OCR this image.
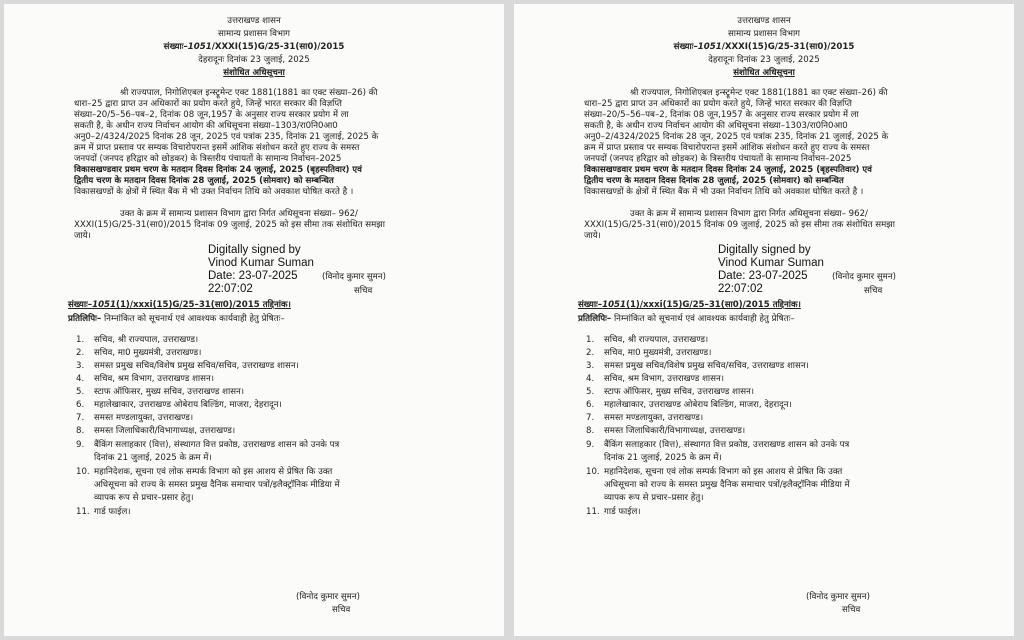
उत्तराखण्ड शासन
सामान्य प्रशासन विभाग
संख्याः–1051/XXXI(15)G/25-31(सा0)/2015
देहरादूनः दिनांक 23 जुलाई, 2025
संशोधित अधिसूचना
श्री राज्यपाल, निगोशिएबल इन्स्ट्रूमेन्ट एक्ट 1881(1881 का एक्ट संख्या–26) की
धारा–25 द्वारा प्राप्त उन अधिकारों का प्रयोग करते हुये, जिन्हें भारत सरकार की विज्ञप्ति
संख्या–20/5–56–पब–2, दिनांक 08 जून,1957 के अनुसार राज्य सरकार प्रयोग में ला
सकती है, के अधीन राज्य निर्वाचन आयोग की अधिसूचना संख्या–1303/रा0नि0आ0
अनु0–2/4324/2025 दिनांक 28 जून, 2025 एवं पत्रांक 235, दिनांक 21 जुलाई, 2025 के
क्रम में प्राप्त प्रस्ताव पर सम्यक विचारोपरान्त इसमें आंशिक संशोधन करते हुए राज्य के समस्त
जनपदों (जनपद हरिद्वार को छोड़कर) के त्रिस्तरीय पंचायतों के सामान्य निर्वाचन–2025
विकासखण्डवार प्रथम चरण के मतदान दिवस दिनांक 24 जुलाई, 2025 (बृहस्पतिवार) एवं
द्वितीय चरण के मतदान दिवस दिनांक 28 जुलाई, 2025 (सोमवार) को सम्बन्धित
विकासखण्डों के क्षेत्रों में स्थित बैंक में भी उक्त निर्वाचन तिथि को अवकाश घोषित करते है ।
उक्त के क्रम में सामान्य प्रशासन विभाग द्वारा निर्गत अधिसूचना संख्या– 962/
XXXI(15)G/25-31(सा0)/2015 दिनांक 09 जुलाई, 2025 को इस सीमा तक संशोधित समझा
जाये।
Digitally signed by
Vinod Kumar Suman
Date: 23-07-2025
22:07:02
(विनोद कुमार सुमन)
सचिव
संख्याः–1051(1)/xxxi(15)G/25–31(सा0)/2015 तद्दिनांक।
प्रतिलिपिः– निम्नांकित को सूचनार्थ एवं आवश्यक कार्यवाही हेतु प्रेषितः–
1. सचिव, श्री राज्यपाल, उत्तराखण्ड।
2. सचिव, मा0 मुख्यमंत्री, उत्तराखण्ड।
3. समस्त प्रमुख सचिव/विशेष प्रमुख सचिव/सचिव, उत्तराखण्ड शासन।
4. सचिव, श्रम विभाग, उत्तराखण्ड शासन।
5. स्टाफ ऑफिसर, मुख्य सचिव, उत्तराखण्ड शासन।
6. महालेखाकार, उत्तराखण्ड ओबेराय बिल्डिंग, माजरा, देहरादून।
7. समस्त मण्डलायुक्त, उत्तराखण्ड।
8. समस्त जिलाधिकारी/विभागाध्यक्ष, उत्तराखण्ड।
9. बैंकिंग सलाहकार (वित्त), संस्थागत वित्त प्रकोष्ठ, उत्तराखण्ड शासन को उनके पत्र
दिनांक 21 जुलाई, 2025 के क्रम में।
10. महानिदेशक, सूचना एवं लोक सम्पर्क विभाग को इस आशय से प्रेषित कि उक्त
अधिसूचना को राज्य के समस्त प्रमुख दैनिक समाचार पत्रों/इलैक्ट्रॉनिक मीडिया में
व्यापक रूप से प्रचार–प्रसार हेतु।
11. गार्ड फाईल।
(विनोद कुमार सुमन)
सचिव
उत्तराखण्ड शासन
सामान्य प्रशासन विभाग
संख्याः–1051/XXXI(15)G/25-31(सा0)/2015
देहरादूनः दिनांक 23 जुलाई, 2025
संशोधित अधिसूचना
श्री राज्यपाल, निगोशिएबल इन्स्ट्रूमेन्ट एक्ट 1881(1881 का एक्ट संख्या–26) की
धारा–25 द्वारा प्राप्त उन अधिकारों का प्रयोग करते हुये, जिन्हें भारत सरकार की विज्ञप्ति
संख्या–20/5–56–पब–2, दिनांक 08 जून,1957 के अनुसार राज्य सरकार प्रयोग में ला
सकती है, के अधीन राज्य निर्वाचन आयोग की अधिसूचना संख्या–1303/रा0नि0आ0
अनु0–2/4324/2025 दिनांक 28 जून, 2025 एवं पत्रांक 235, दिनांक 21 जुलाई, 2025 के
क्रम में प्राप्त प्रस्ताव पर सम्यक विचारोपरान्त इसमें आंशिक संशोधन करते हुए राज्य के समस्त
जनपदों (जनपद हरिद्वार को छोड़कर) के त्रिस्तरीय पंचायतों के सामान्य निर्वाचन–2025
विकासखण्डवार प्रथम चरण के मतदान दिवस दिनांक 24 जुलाई, 2025 (बृहस्पतिवार) एवं
द्वितीय चरण के मतदान दिवस दिनांक 28 जुलाई, 2025 (सोमवार) को सम्बन्धित
विकासखण्डों के क्षेत्रों में स्थित बैंक में भी उक्त निर्वाचन तिथि को अवकाश घोषित करते है ।
उक्त के क्रम में सामान्य प्रशासन विभाग द्वारा निर्गत अधिसूचना संख्या– 962/
XXXI(15)G/25-31(सा0)/2015 दिनांक 09 जुलाई, 2025 को इस सीमा तक संशोधित समझा
जाये।
Digitally signed by
Vinod Kumar Suman
Date: 23-07-2025
22:07:02
(विनोद कुमार सुमन)
सचिव
संख्याः–1051(1)/xxxi(15)G/25–31(सा0)/2015 तद्दिनांक।
प्रतिलिपिः– निम्नांकित को सूचनार्थ एवं आवश्यक कार्यवाही हेतु प्रेषितः–
1. सचिव, श्री राज्यपाल, उत्तराखण्ड।
2. सचिव, मा0 मुख्यमंत्री, उत्तराखण्ड।
3. समस्त प्रमुख सचिव/विशेष प्रमुख सचिव/सचिव, उत्तराखण्ड शासन।
4. सचिव, श्रम विभाग, उत्तराखण्ड शासन।
5. स्टाफ ऑफिसर, मुख्य सचिव, उत्तराखण्ड शासन।
6. महालेखाकार, उत्तराखण्ड ओबेराय बिल्डिंग, माजरा, देहरादून।
7. समस्त मण्डलायुक्त, उत्तराखण्ड।
8. समस्त जिलाधिकारी/विभागाध्यक्ष, उत्तराखण्ड।
9. बैंकिंग सलाहकार (वित्त), संस्थागत वित्त प्रकोष्ठ, उत्तराखण्ड शासन को उनके पत्र
दिनांक 21 जुलाई, 2025 के क्रम में।
10. महानिदेशक, सूचना एवं लोक सम्पर्क विभाग को इस आशय से प्रेषित कि उक्त
अधिसूचना को राज्य के समस्त प्रमुख दैनिक समाचार पत्रों/इलैक्ट्रॉनिक मीडिया में
व्यापक रूप से प्रचार–प्रसार हेतु।
11. गार्ड फाईल।
(विनोद कुमार सुमन)
सचिव
